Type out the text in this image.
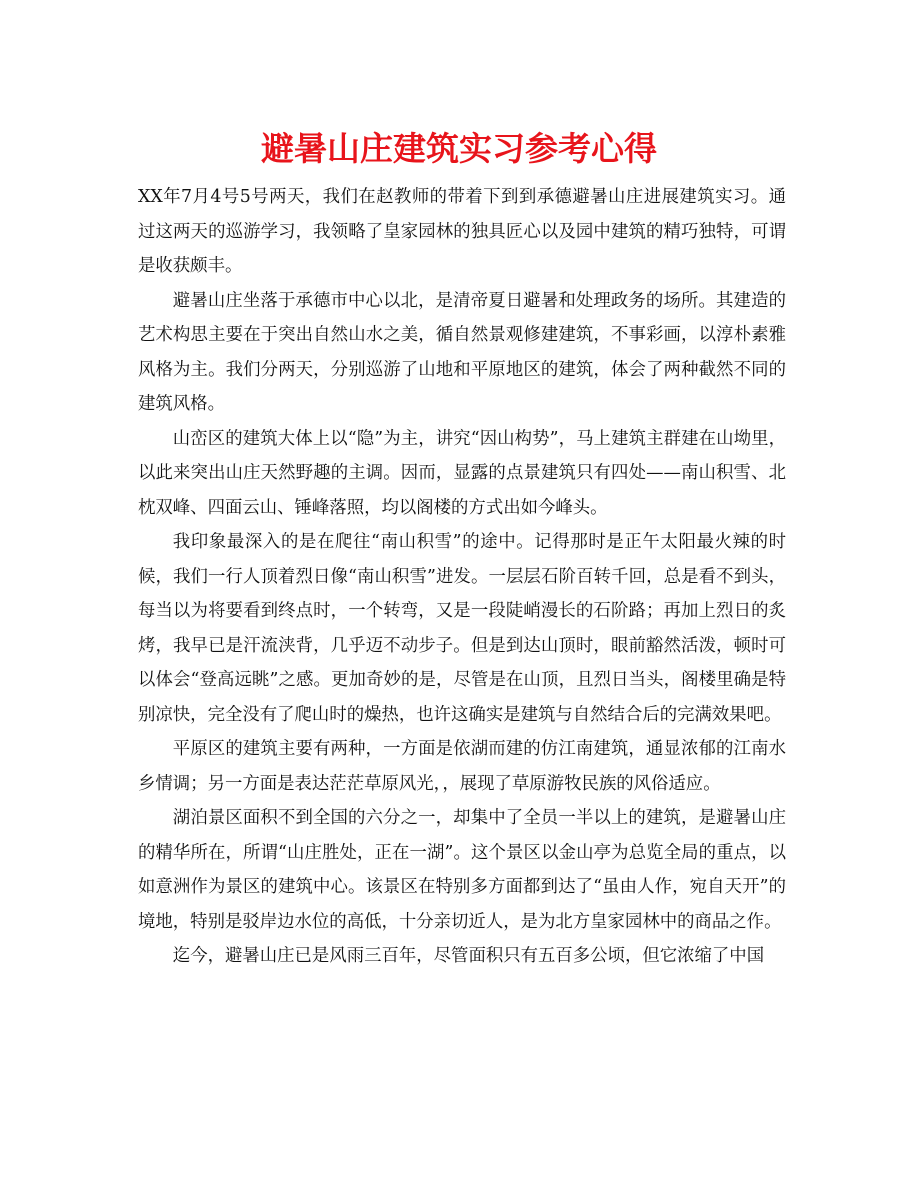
避暑山庄建筑实习参考心得

XX年7月4号5号两天，我们在赵教师的带着下到到承德避暑山庄进展建筑实习。通过这两天的巡游学习，我领略了皇家园林的独具匠心以及园中建筑的精巧独特，可谓是收获颇丰。

避暑山庄坐落于承德市中心以北，是清帝夏日避暑和处理政务的场所。其建造的艺术构思主要在于突出自然山水之美，循自然景观修建建筑，不事彩画，以淳朴素雅风格为主。我们分两天，分别巡游了山地和平原地区的建筑，体会了两种截然不同的建筑风格。

山峦区的建筑大体上以“隐”为主，讲究“因山构势”，马上建筑主群建在山坳里，以此来突出山庄天然野趣的主调。因而，显露的点景建筑只有四处——南山积雪、北枕双峰、四面云山、锤峰落照，均以阁楼的方式出如今峰头。

我印象最深入的是在爬往“南山积雪”的途中。记得那时是正午太阳最火辣的时候，我们一行人顶着烈日像“南山积雪”进发。一层层石阶百转千回，总是看不到头，每当以为将要看到终点时，一个转弯，又是一段陡峭漫长的石阶路；再加上烈日的炙烤，我早已是汗流浃背，几乎迈不动步子。但是到达山顶时，眼前豁然活泼，顿时可以体会“登高远眺”之感。更加奇妙的是，尽管是在山顶，且烈日当头，阁楼里确是特别凉快，完全没有了爬山时的燥热，也许这确实是建筑与自然结合后的完满效果吧。

平原区的建筑主要有两种，一方面是依湖而建的仿江南建筑，通显浓郁的江南水乡情调；另一方面是表达茫茫草原风光，，展现了草原游牧民族的风俗适应。

湖泊景区面积不到全国的六分之一，却集中了全员一半以上的建筑，是避暑山庄的精华所在，所谓“山庄胜处，正在一湖”。这个景区以金山亭为总览全局的重点，以如意洲作为景区的建筑中心。该景区在特别多方面都到达了“虽由人作，宛自天开”的境地，特别是驳岸边水位的高低，十分亲切近人，是为北方皇家园林中的商品之作。

迄今，避暑山庄已是风雨三百年，尽管面积只有五百多公顷，但它浓缩了中国
